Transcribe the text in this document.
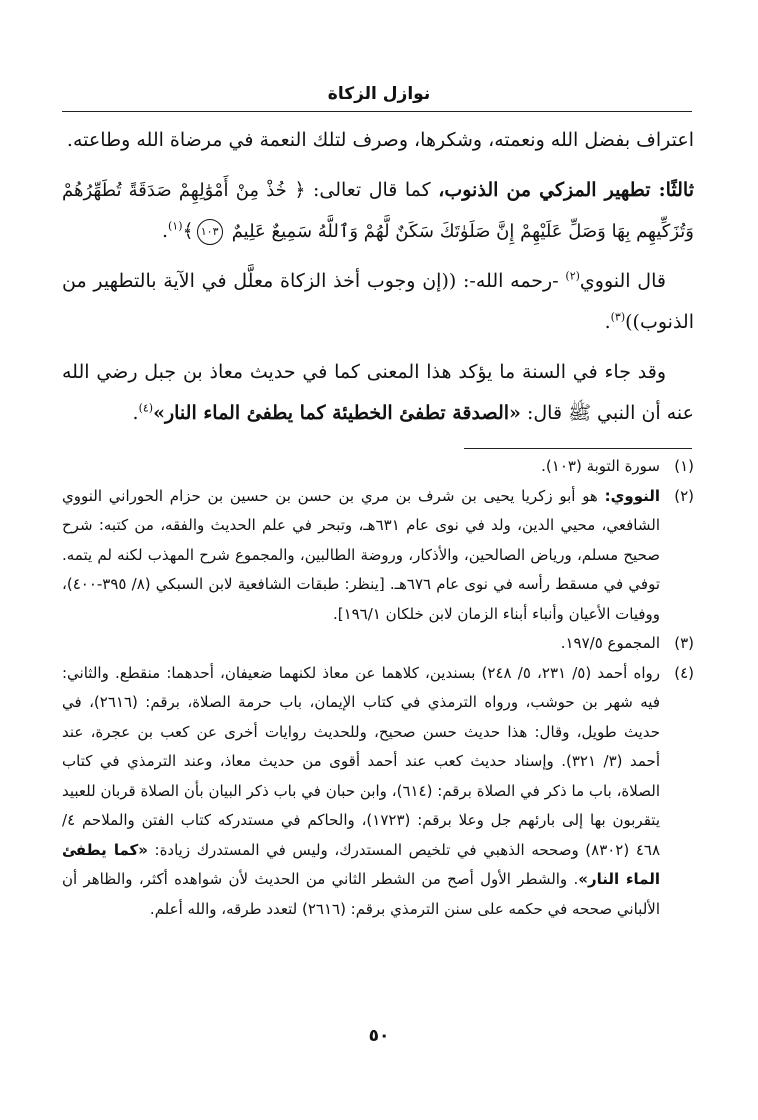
نوازل الزكاة

اعتراف بفضل الله ونعمته، وشكرها، وصرف لتلك النعمة في مرضاة الله وطاعته.

ثالثًا: تطهير المزكي من الذنوب، كما قال تعالى: ﴿ خُذْ مِنْ أَمْوَٰلِهِمْ صَدَقَةً تُطَهِّرُهُمْ وَتُزَكِّيهِم بِهَا وَصَلِّ عَلَيْهِمْ إِنَّ صَلَوٰتَكَ سَكَنٌ لَّهُمْ وَٱللَّهُ سَمِيعٌ عَلِيمٌ ١٠٣﴾$^{(١)}$.

قال النووي$^{(٢)}$ -رحمه الله-: ((إن وجوب أخذ الزكاة معلَّل في الآية بالتطهير من الذنوب))$^{(٣)}$.

وقد جاء في السنة ما يؤكد هذا المعنى كما في حديث معاذ بن جبل رضي الله عنه أن النبي ﷺ قال: «الصدقة تطفئ الخطيئة كما يطفئ الماء النار»$^{(٤)}$.

(١)
سورة التوبة (١٠٣).

(٢)
النووي: هو أبو زكريا يحيى بن شرف بن مري بن حسن بن حسين بن حزام الحوراني النووي الشافعي، محيي الدين، ولد في نوى عام ٦٣١هـ، وتبحر في علم الحديث والفقه، من كتبه: شرح صحيح مسلم، ورياض الصالحين، والأذكار، وروضة الطالبين، والمجموع شرح المهذب لكنه لم يتمه. توفي في مسقط رأسه في نوى عام ٦٧٦هـ. [ينظر: طبقات الشافعية لابن السبكي (٨/ ٣٩٥-٤٠٠)، ووفيات الأعيان وأنباء أبناء الزمان لابن خلكان ١٩٦/١].

(٣)
المجموع ١٩٧/٥.

(٤)
رواه أحمد (٥/ ٢٣١، ٥/ ٢٤٨) بسندين، كلاهما عن معاذ لكنهما ضعيفان، أحدهما: منقطع. والثاني: فيه شهر بن حوشب، ورواه الترمذي في كتاب الإيمان، باب حرمة الصلاة، برقم: (٢٦١٦)، في حديث طويل، وقال: هذا حديث حسن صحيح، وللحديث روايات أخرى عن كعب بن عجرة، عند أحمد (٣/ ٣٢١). وإسناد حديث كعب عند أحمد أقوى من حديث معاذ، وعند الترمذي في كتاب الصلاة، باب ما ذكر في الصلاة برقم: (٦١٤)، وابن حبان في باب ذكر البيان بأن الصلاة قربان للعبيد يتقربون بها إلى بارئهم جل وعلا برقم: (١٧٢٣)، والحاكم في مستدركه كتاب الفتن والملاحم ٤/ ٤٦٨ (٨٣٠٢) وصححه الذهبي في تلخيص المستدرك، وليس في المستدرك زيادة: «كما يطفئ الماء النار». والشطر الأول أصح من الشطر الثاني من الحديث لأن شواهده أكثر، والظاهر أن الألباني صححه في حكمه على سنن الترمذي برقم: (٢٦١٦) لتعدد طرقه، والله أعلم.

٥٠
